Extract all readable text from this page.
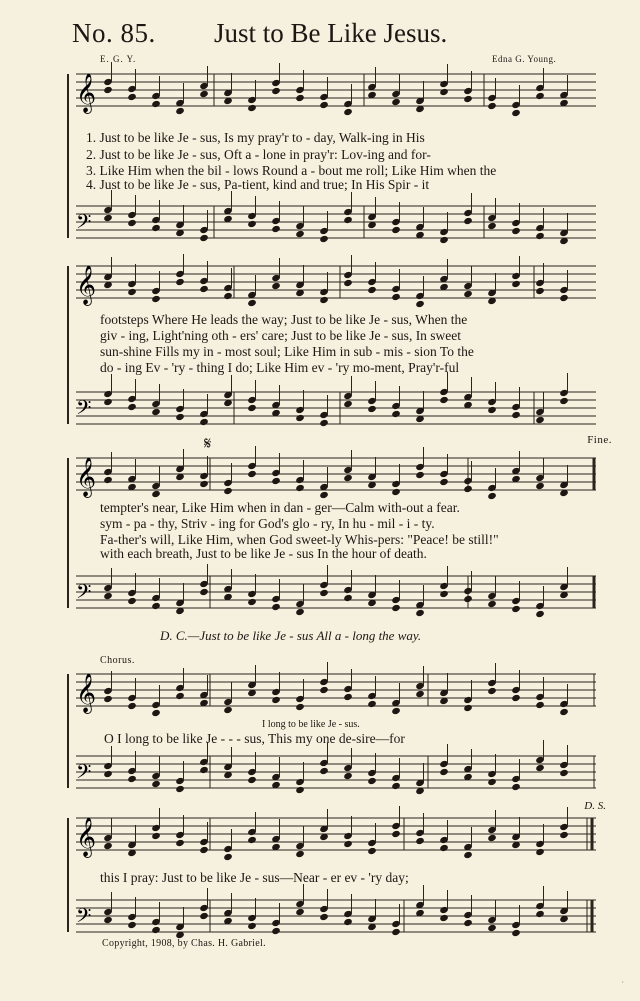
No. 85. Just to Be Like Jesus.
E. G. Y.	Edna G. Young.
𝄞
𝄢
1. Just to be like Je - sus, Is my pray'r to - day, Walk-ing in His
2. Just to be like Je - sus, Oft a - lone in pray'r: Lov-ing and for-
3. Like Him when the bil - lows Round a - bout me roll; Like Him when the
4. Just to be like Je - sus, Pa-tient, kind and true; In His Spir - it
𝄞
𝄢
footsteps Where He leads the way; Just to be like Je - sus, When the
giv - ing, Light'ning oth - ers' care; Just to be like Je - sus, In sweet
sun-shine Fills my in - most soul; Like Him in sub - mis - sion To the
do - ing Ev - 'ry - thing I do; Like Him ev - 'ry mo-ment, Pray'r-ful
𝄋	Fine.
𝄞
𝄢
tempter's near, Like Him when in dan - ger—Calm with-out a fear.
sym - pa - thy, Striv - ing for God's glo - ry, In hu - mil - i - ty.
Fa-ther's will, Like Him, when God sweet-ly Whis-pers: "Peace! be still!"
with each breath, Just to be like Je - sus In the hour of death.
D. C.—Just to be like Je - sus All a - long the way.
Chorus.
𝄞
𝄢
I long to be like Je - sus.
O I long to be like Je - - - sus, This my one de-sire—for
D. S.
𝄞
𝄢
this I pray: Just to be like Je - sus—Near - er ev - 'ry day;
Copyright, 1908, by Chas. H. Gabriel.
·
